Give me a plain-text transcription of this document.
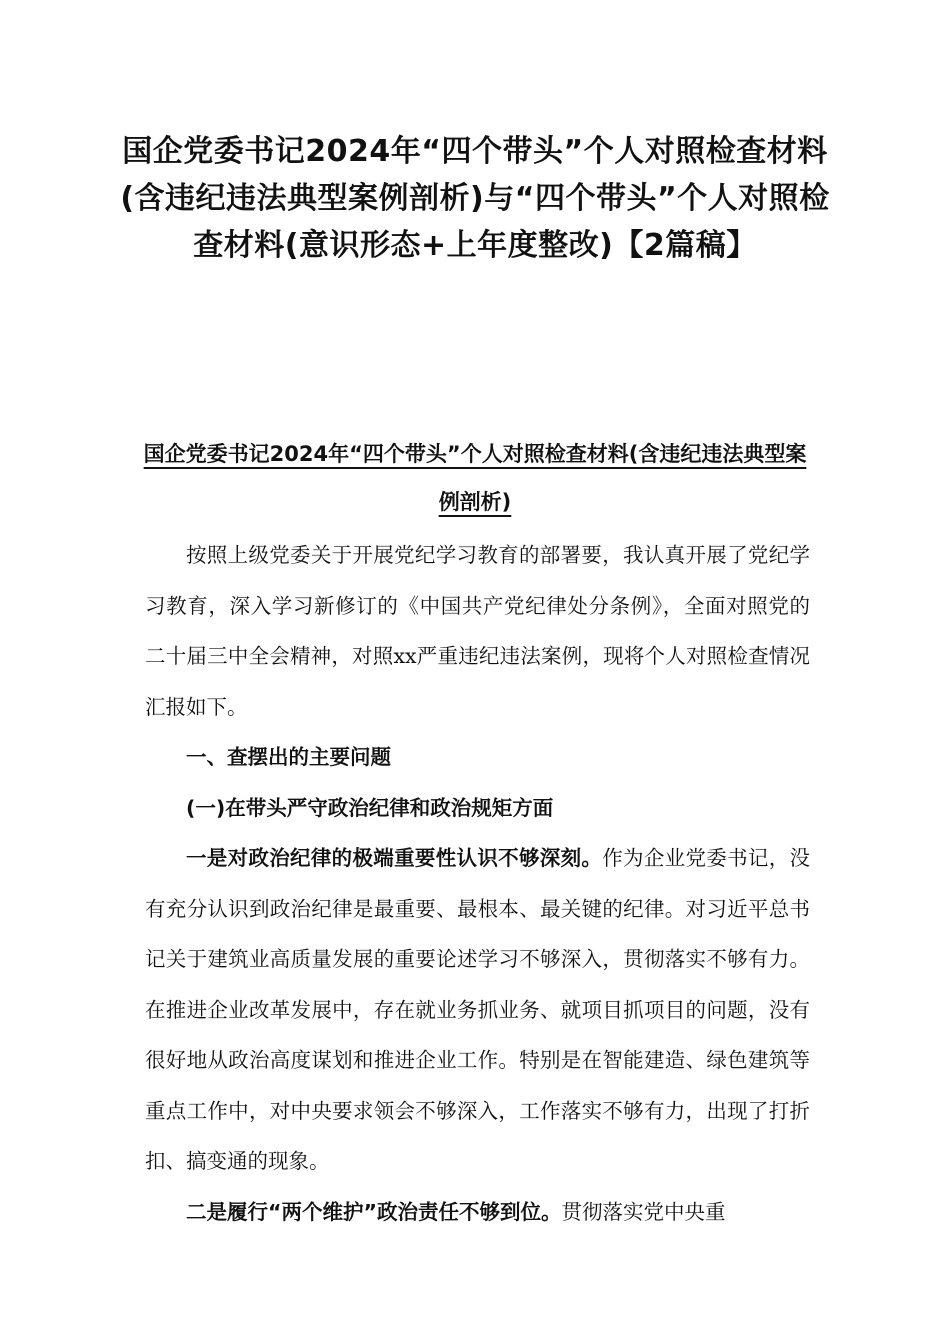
国企党委书记2024年“四个带头”个人对照检查材料(含违纪违法典型案例剖析)与“四个带头”个人对照检查材料(意识形态+上年度整改)【2篇稿】
国企党委书记2024年“四个带头”个人对照检查材料(含违纪违法典型案例剖析)

按照上级党委关于开展党纪学习教育的部署要，我认真开展了党纪学习教育，深入学习新修订的《中国共产党纪律处分条例》，全面对照党的二十届三中全会精神，对照xx严重违纪违法案例，现将个人对照检查情况汇报如下。

一、查摆出的主要问题

(一)在带头严守政治纪律和政治规矩方面

一是对政治纪律的极端重要性认识不够深刻。作为企业党委书记，没有充分认识到政治纪律是最重要、最根本、最关键的纪律。对习近平总书记关于建筑业高质量发展的重要论述学习不够深入，贯彻落实不够有力。在推进企业改革发展中，存在就业务抓业务、就项目抓项目的问题，没有很好地从政治高度谋划和推进企业工作。特别是在智能建造、绿色建筑等重点工作中，对中央要求领会不够深入，工作落实不够有力，出现了打折扣、搞变通的现象。

二是履行“两个维护”政治责任不够到位。贯彻落实党中央重
